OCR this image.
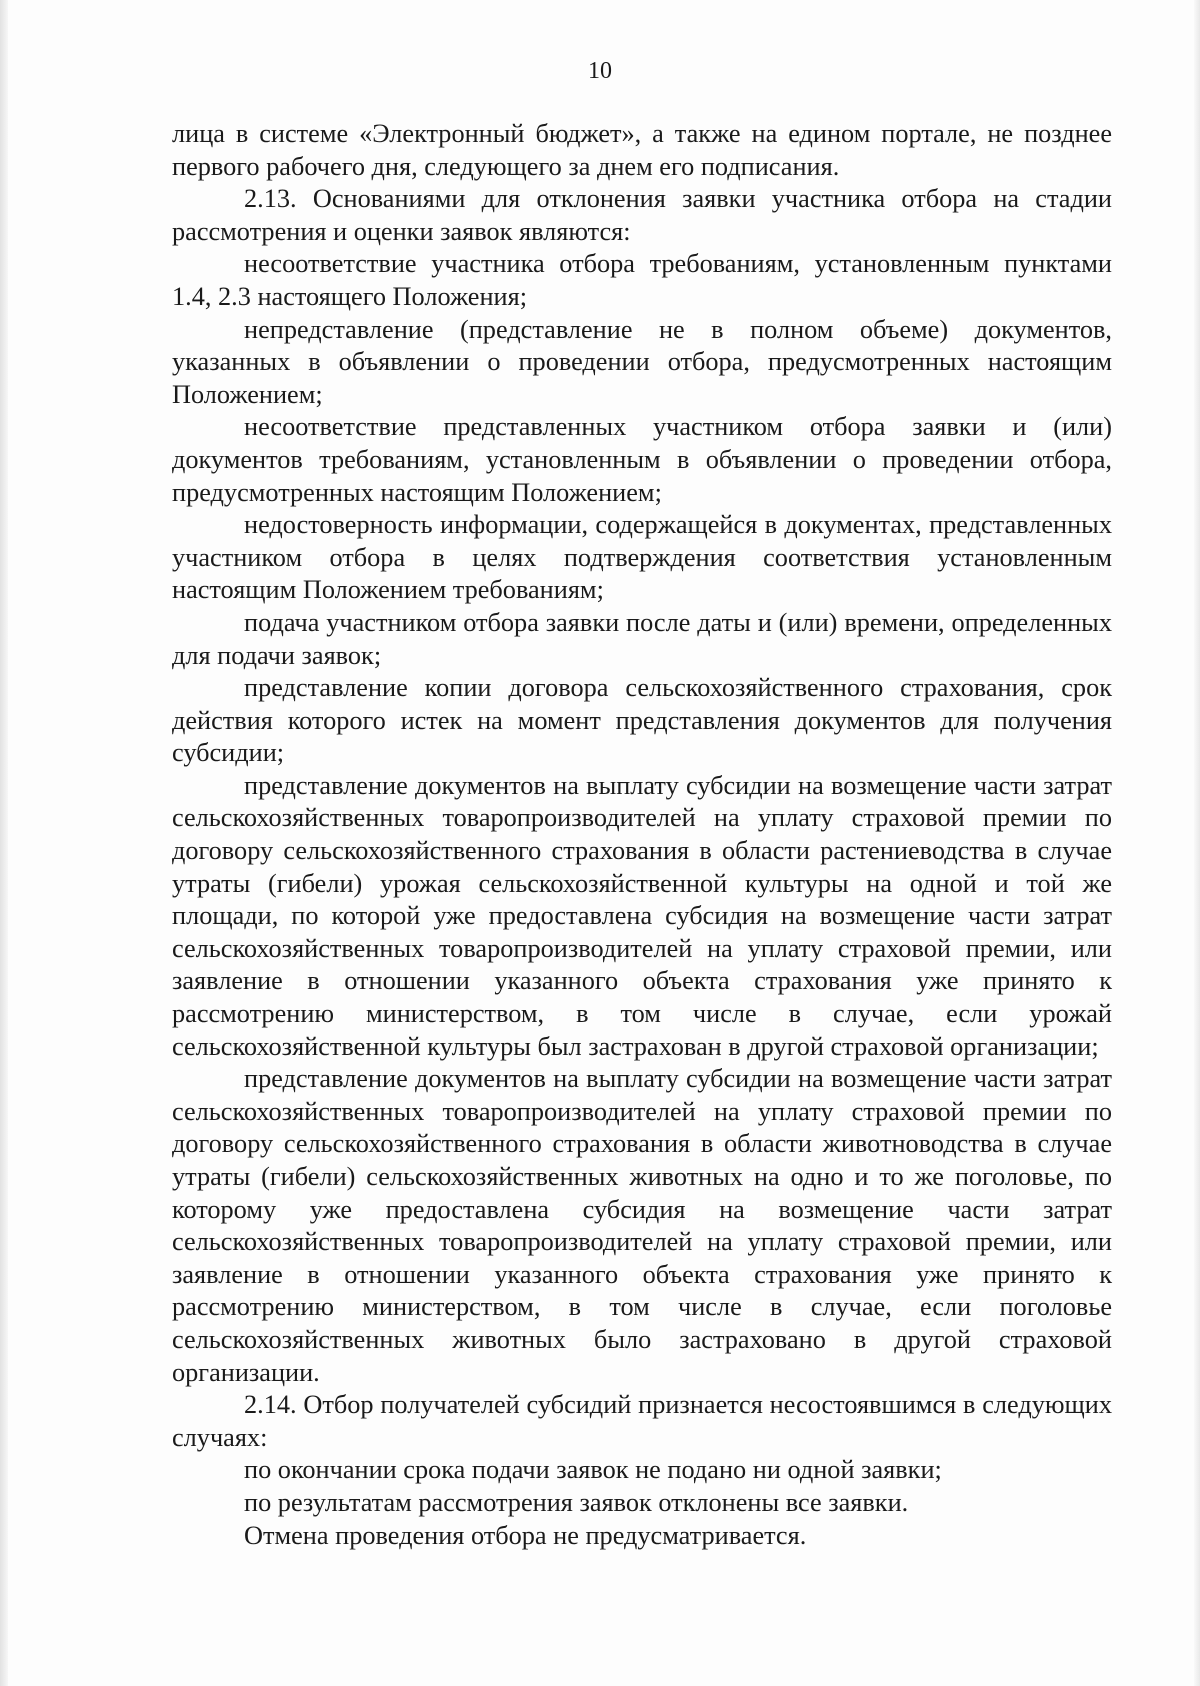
10

лица в системе «Электронный бюджет», а также на едином портале, не позднее первого рабочего дня, следующего за днем его подписания.

2.13. Основаниями для отклонения заявки участника отбора на стадии рассмотрения и оценки заявок являются:

несоответствие участника отбора требованиям, установленным пунктами 1.4, 2.3 настоящего Положения;

непредставление (представление не в полном объеме) документов, указанных в объявлении о проведении отбора, предусмотренных настоящим Положением;

несоответствие представленных участником отбора заявки и (или) документов требованиям, установленным в объявлении о проведении отбора, предусмотренных настоящим Положением;

недостоверность информации, содержащейся в документах, представленных участником отбора в целях подтверждения соответствия установленным настоящим Положением требованиям;

подача участником отбора заявки после даты и (или) времени, определенных для подачи заявок;

представление копии договора сельскохозяйственного страхования, срок действия которого истек на момент представления документов для получения субсидии;

представление документов на выплату субсидии на возмещение части затрат сельскохозяйственных товаропроизводителей на уплату страховой премии по договору сельскохозяйственного страхования в области растениеводства в случае утраты (гибели) урожая сельскохозяйственной культуры на одной и той же площади, по которой уже предоставлена субсидия на возмещение части затрат сельскохозяйственных товаропроизводителей на уплату страховой премии, или заявление в отношении указанного объекта страхования уже принято к рассмотрению министерством, в том числе в случае, если урожай сельскохозяйственной культуры был застрахован в другой страховой организации;

представление документов на выплату субсидии на возмещение части затрат сельскохозяйственных товаропроизводителей на уплату страховой премии по договору сельскохозяйственного страхования в области животноводства в случае утраты (гибели) сельскохозяйственных животных на одно и то же поголовье, по которому уже предоставлена субсидия на возмещение части затрат сельскохозяйственных товаропроизводителей на уплату страховой премии, или заявление в отношении указанного объекта страхования уже принято к рассмотрению министерством, в том числе в случае, если поголовье сельскохозяйственных животных было застраховано в другой страховой организации.

2.14. Отбор получателей субсидий признается несостоявшимся в следующих случаях:

по окончании срока подачи заявок не подано ни одной заявки;

по результатам рассмотрения заявок отклонены все заявки.

Отмена проведения отбора не предусматривается.
